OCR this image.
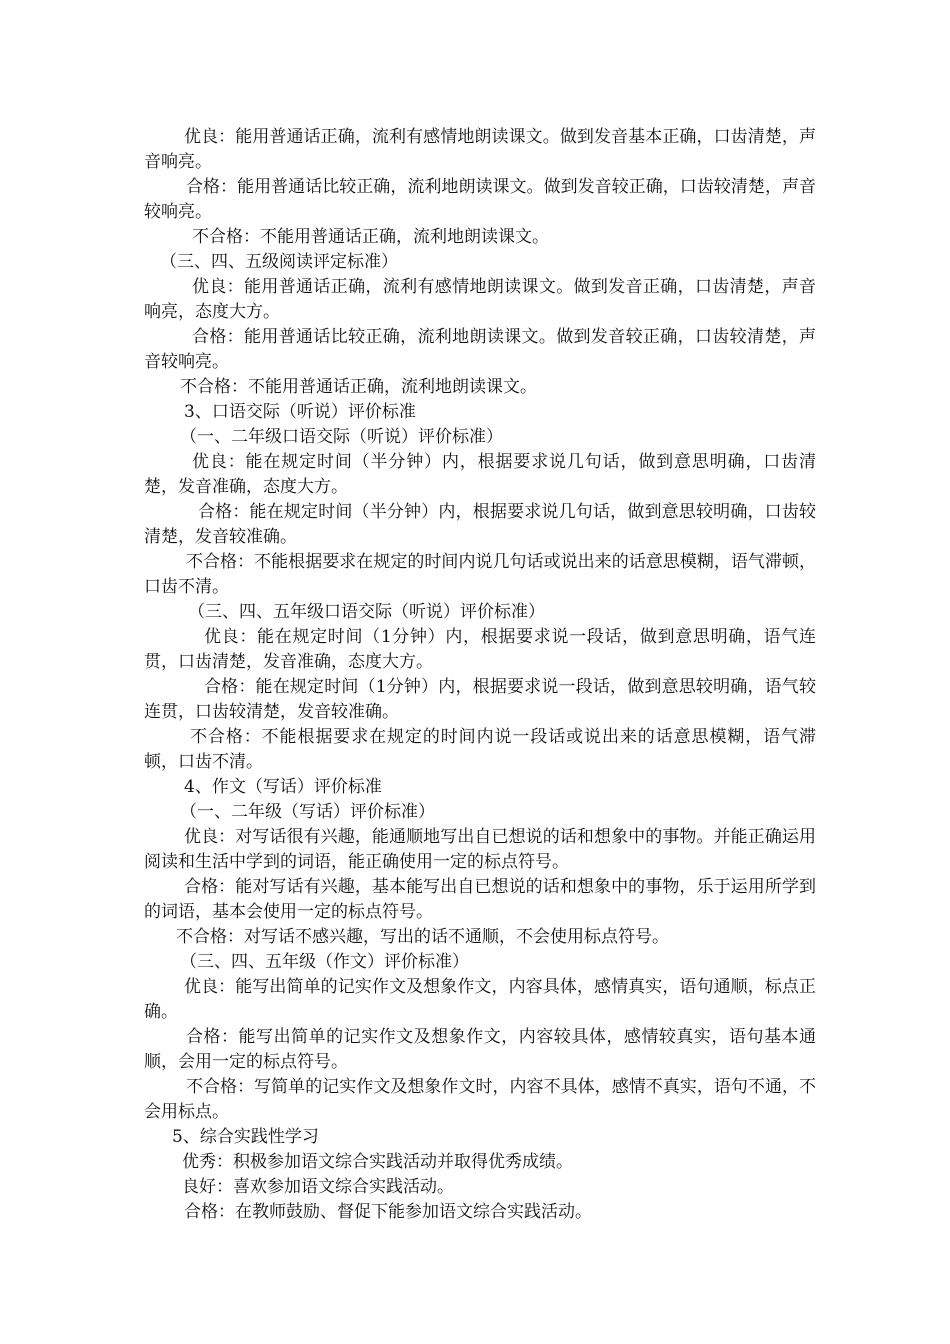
优良：能用普通话正确，流利有感情地朗读课文。做到发音基本正确，口齿清楚，声音响亮。

合格：能用普通话比较正确，流利地朗读课文。做到发音较正确，口齿较清楚，声音较响亮。

不合格：不能用普通话正确，流利地朗读课文。

（三、四、五级阅读评定标准）

优良：能用普通话正确，流利有感情地朗读课文。做到发音正确，口齿清楚，声音响亮，态度大方。

合格：能用普通话比较正确，流利地朗读课文。做到发音较正确，口齿较清楚，声音较响亮。

不合格：不能用普通话正确，流利地朗读课文。

3、口语交际（听说）评价标准

（一、二年级口语交际（听说）评价标准）

优良：能在规定时间（半分钟）内，根据要求说几句话，做到意思明确，口齿清楚，发音准确，态度大方。

合格：能在规定时间（半分钟）内，根据要求说几句话，做到意思较明确，口齿较清楚，发音较准确。

不合格：不能根据要求在规定的时间内说几句话或说出来的话意思模糊，语气滞顿，口齿不清。

（三、四、五年级口语交际（听说）评价标准）

优良：能在规定时间（1分钟）内，根据要求说一段话，做到意思明确，语气连贯，口齿清楚，发音准确，态度大方。

合格：能在规定时间（1分钟）内，根据要求说一段话，做到意思较明确，语气较连贯，口齿较清楚，发音较准确。

不合格：不能根据要求在规定的时间内说一段话或说出来的话意思模糊，语气滞顿，口齿不清。

4、作文（写话）评价标准

（一、二年级（写话）评价标准）

优良：对写话很有兴趣，能通顺地写出自已想说的话和想象中的事物。并能正确运用阅读和生活中学到的词语，能正确使用一定的标点符号。

合格：能对写话有兴趣，基本能写出自已想说的话和想象中的事物，乐于运用所学到的词语，基本会使用一定的标点符号。

不合格：对写话不感兴趣，写出的话不通顺，不会使用标点符号。

（三、四、五年级（作文）评价标准）

优良：能写出简单的记实作文及想象作文，内容具体，感情真实，语句通顺，标点正确。

合格：能写出简单的记实作文及想象作文，内容较具体，感情较真实，语句基本通顺，会用一定的标点符号。

不合格：写简单的记实作文及想象作文时，内容不具体，感情不真实，语句不通，不会用标点。

5、综合实践性学习

优秀：积极参加语文综合实践活动并取得优秀成绩。

良好：喜欢参加语文综合实践活动。

合格：在教师鼓励、督促下能参加语文综合实践活动。
